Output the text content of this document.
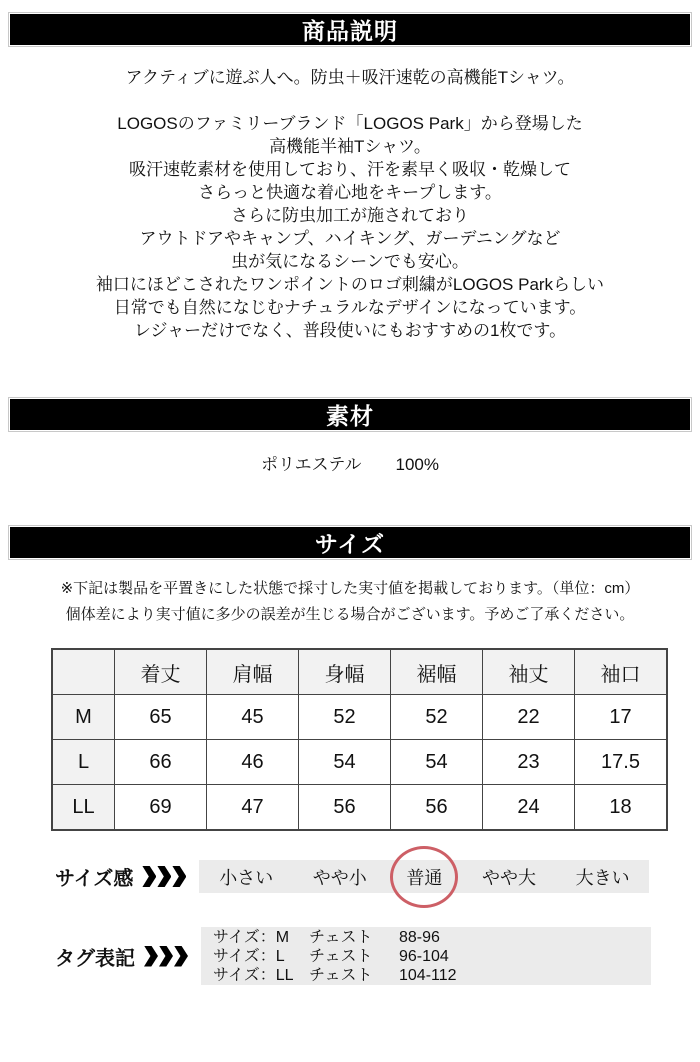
商品説明
アクティブに遊ぶ人へ。防虫＋吸汗速乾の高機能Tシャツ。
LOGOSのファミリーブランド「LOGOS Park」から登場した
高機能半袖Tシャツ。
吸汗速乾素材を使用しており、汗を素早く吸収・乾燥して
さらっと快適な着心地をキープします。
さらに防虫加工が施されており
アウトドアやキャンプ、ハイキング、ガーデニングなど
虫が気になるシーンでも安心。
袖口にほどこされたワンポイントのロゴ刺繍がLOGOS Parkらしい
日常でも自然になじむナチュラルなデザインになっています。
レジャーだけでなく、普段使いにもおすすめの1枚です。
素材
ポリエステル　　100%
サイズ
※下記は製品を平置きにした状態で採寸した実寸値を掲載しております。（単位：cm）
個体差により実寸値に多少の誤差が生じる場合がございます。予めご了承ください。
	着丈	肩幅	身幅	裾幅	袖丈	袖口
M	65	45	52	52	22	17
L	66	46	54	54	23	17.5
LL	69	47	56	56	24	18
サイズ感	小さい やや小 普通 やや大 大きい
タグ表記
サイズ：M	チェスト	88-96
サイズ：L	チェスト	96-104
サイズ：LL チェスト	104-112
